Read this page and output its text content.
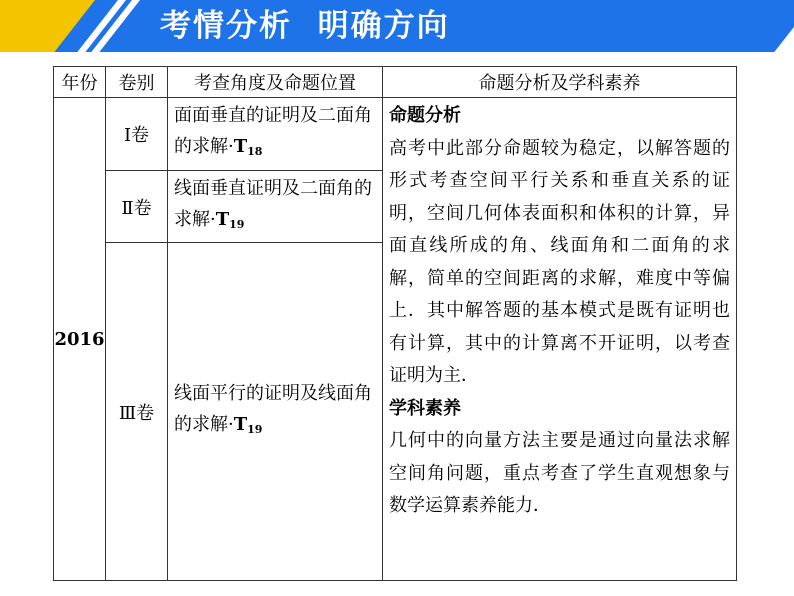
考情分析  明确方向
年份	卷别	考查角度及命题位置	命题分析及学科素养
2016	Ⅰ卷	面面垂直的证明及二面角的求解$\cdot T_{18}$	命题分析
高考中此部分命题较为稳定，以解答题的形式考查空间平行关系和垂直关系的证明，空间几何体表面积和体积的计算，异面直线所成的角、线面角和二面角的求解，简单的空间距离的求解，难度中等偏上．其中解答题的基本模式是既有证明也有计算，其中的计算离不开证明，以考查证明为主．
学科素养
几何中的向量方法主要是通过向量法求解空间角问题，重点考查了学生直观想象与数学运算素养能力．

	Ⅱ卷	线面垂直证明及二面角的求解$\cdot T_{19}$
	Ⅲ卷	线面平行的证明及线面角的求解$\cdot T_{19}$
